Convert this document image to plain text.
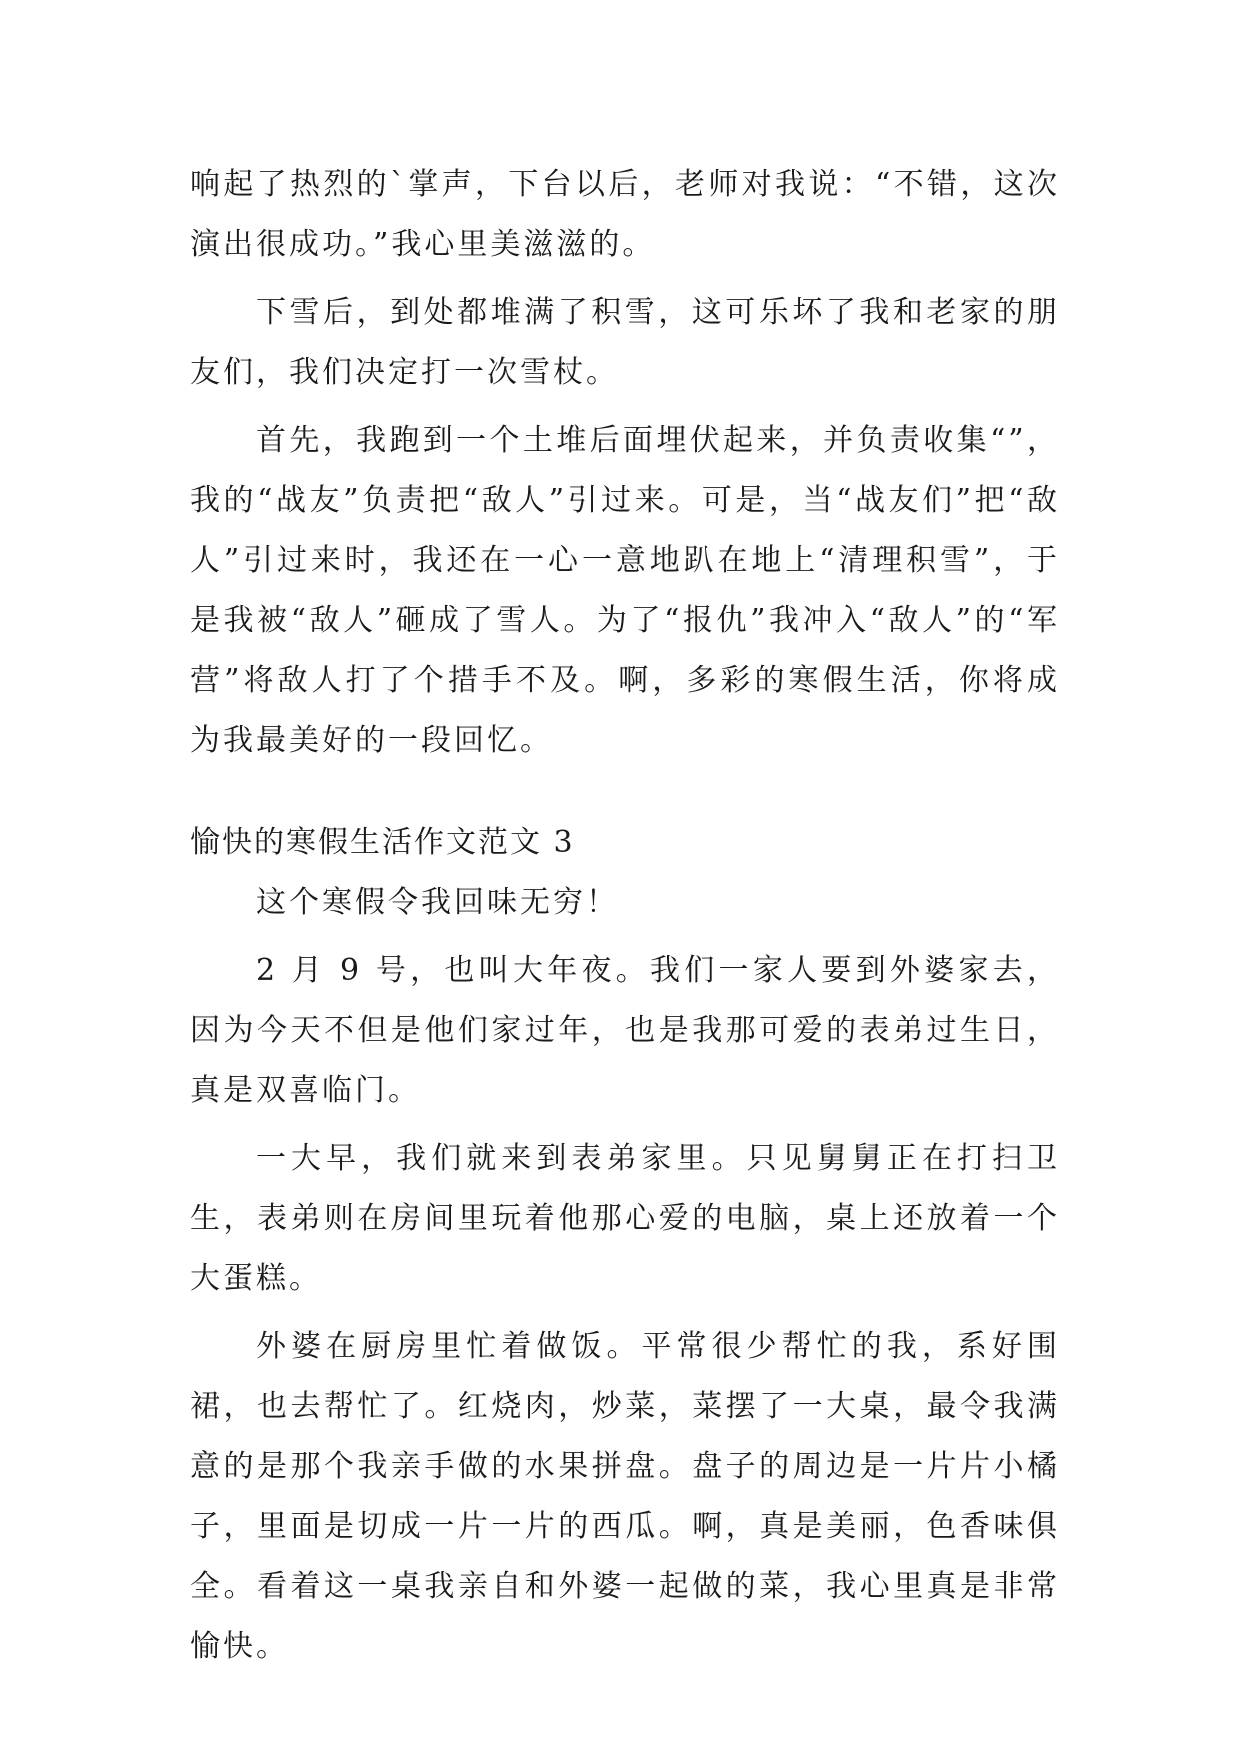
响起了热烈的`掌声，下台以后，老师对我说：“不错，这次演出很成功。”我心里美滋滋的。

下雪后，到处都堆满了积雪，这可乐坏了我和老家的朋友们，我们决定打一次雪杖。

首先，我跑到一个土堆后面埋伏起来，并负责收集“”，我的“战友”负责把“敌人”引过来。可是，当“战友们”把“敌人”引过来时，我还在一心一意地趴在地上“清理积雪”，于是我被“敌人”砸成了雪人。为了“报仇”我冲入“敌人”的“军营”将敌人打了个措手不及。啊，多彩的寒假生活，你将成为我最美好的一段回忆。

愉快的寒假生活作文范文 3

这个寒假令我回味无穷！

2 月 9 号，也叫大年夜。我们一家人要到外婆家去，因为今天不但是他们家过年，也是我那可爱的表弟过生日，真是双喜临门。

一大早，我们就来到表弟家里。只见舅舅正在打扫卫生，表弟则在房间里玩着他那心爱的电脑，桌上还放着一个大蛋糕。

外婆在厨房里忙着做饭。平常很少帮忙的我，系好围裙，也去帮忙了。红烧肉，炒菜，菜摆了一大桌，最令我满意的是那个我亲手做的水果拼盘。盘子的周边是一片片小橘子，里面是切成一片一片的西瓜。啊，真是美丽，色香味俱全。看着这一桌我亲自和外婆一起做的菜，我心里真是非常愉快。
